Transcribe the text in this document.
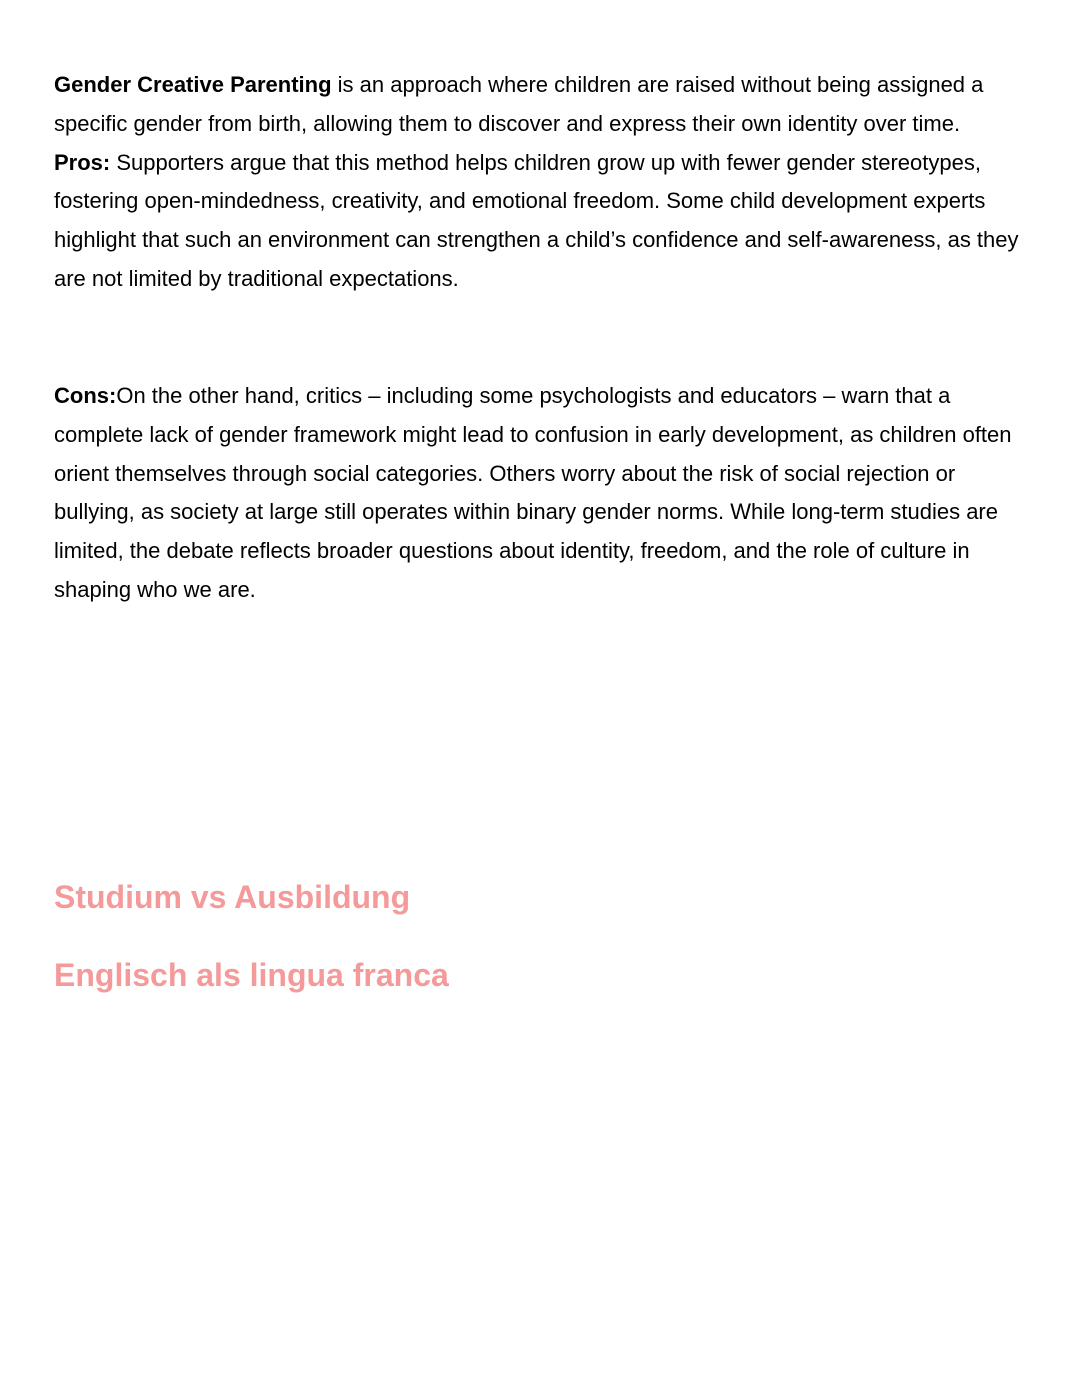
Gender Creative Parenting is an approach where children are raised without being assigned a specific gender from birth, allowing them to discover and express their own identity over time.
Pros: Supporters argue that this method helps children grow up with fewer gender stereotypes, fostering open-mindedness, creativity, and emotional freedom. Some child development experts highlight that such an environment can strengthen a child’s confidence and self-awareness, as they are not limited by traditional expectations.

Cons:On the other hand, critics – including some psychologists and educators – warn that a complete lack of gender framework might lead to confusion in early development, as children often orient themselves through social categories. Others worry about the risk of social rejection or bullying, as society at large still operates within binary gender norms. While long-term studies are limited, the debate reflects broader questions about identity, freedom, and the role of culture in shaping who we are.

Studium vs Ausbildung
Englisch als lingua franca
